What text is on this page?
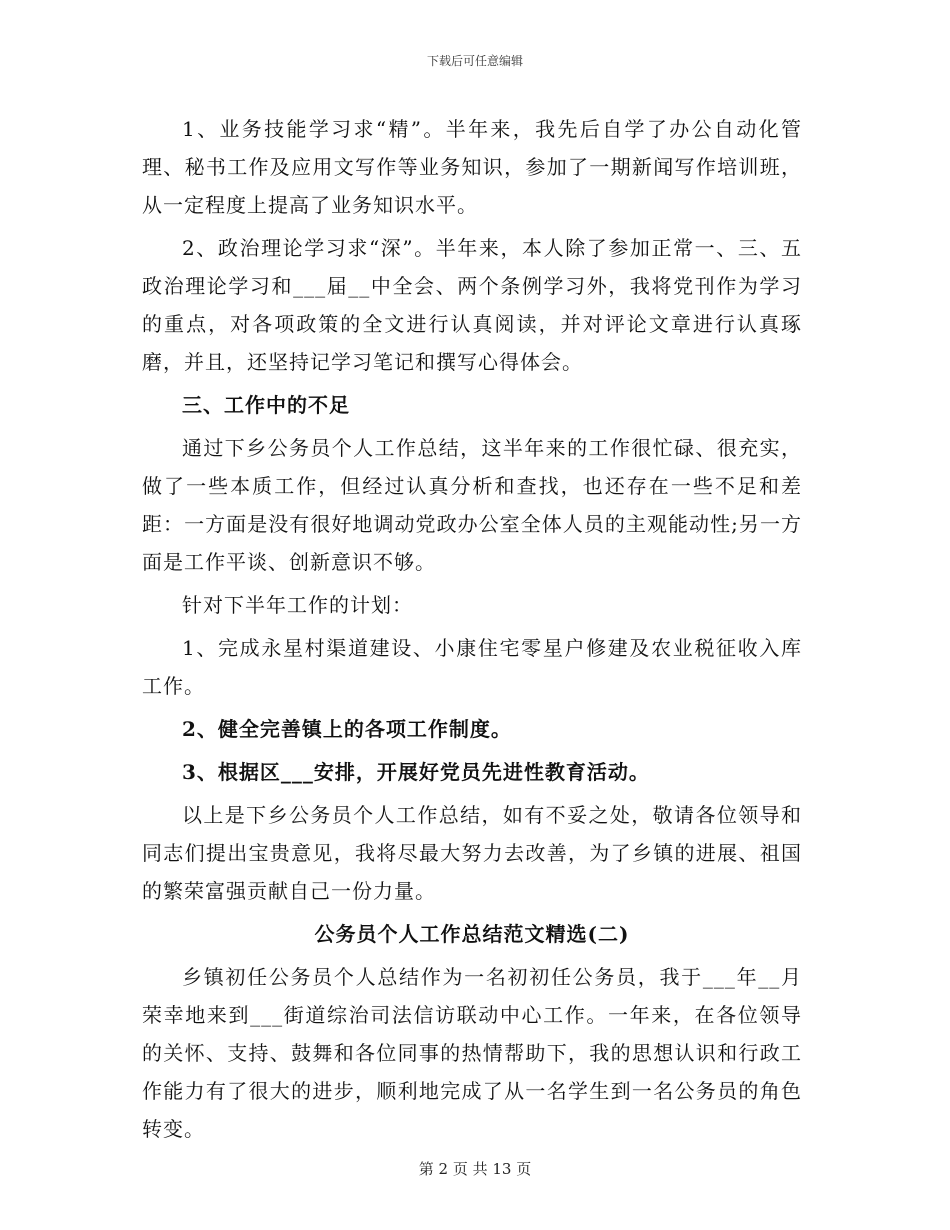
下载后可任意编辑

1、业务技能学习求“精”。半年来，我先后自学了办公自动化管理、秘书工作及应用文写作等业务知识，参加了一期新闻写作培训班，从一定程度上提高了业务知识水平。

2、政治理论学习求“深”。半年来，本人除了参加正常一、三、五政治理论学习和___届__中全会、两个条例学习外，我将党刊作为学习的重点，对各项政策的全文进行认真阅读，并对评论文章进行认真琢磨，并且，还坚持记学习笔记和撰写心得体会。

三、工作中的不足

通过下乡公务员个人工作总结，这半年来的工作很忙碌、很充实，做了一些本质工作，但经过认真分析和查找，也还存在一些不足和差距：一方面是没有很好地调动党政办公室全体人员的主观能动性;另一方面是工作平谈、创新意识不够。

针对下半年工作的计划：

1、完成永星村渠道建设、小康住宅零星户修建及农业税征收入库工作。

2、健全完善镇上的各项工作制度。

3、根据区___安排，开展好党员先进性教育活动。

以上是下乡公务员个人工作总结，如有不妥之处，敬请各位领导和同志们提出宝贵意见，我将尽最大努力去改善，为了乡镇的进展、祖国的繁荣富强贡献自己一份力量。

公务员个人工作总结范文精选(二)

乡镇初任公务员个人总结作为一名初初任公务员，我于___年__月荣幸地来到___街道综治司法信访联动中心工作。一年来，在各位领导的关怀、支持、鼓舞和各位同事的热情帮助下，我的思想认识和行政工作能力有了很大的进步，顺利地完成了从一名学生到一名公务员的角色转变。

第 2 页 共 13 页
